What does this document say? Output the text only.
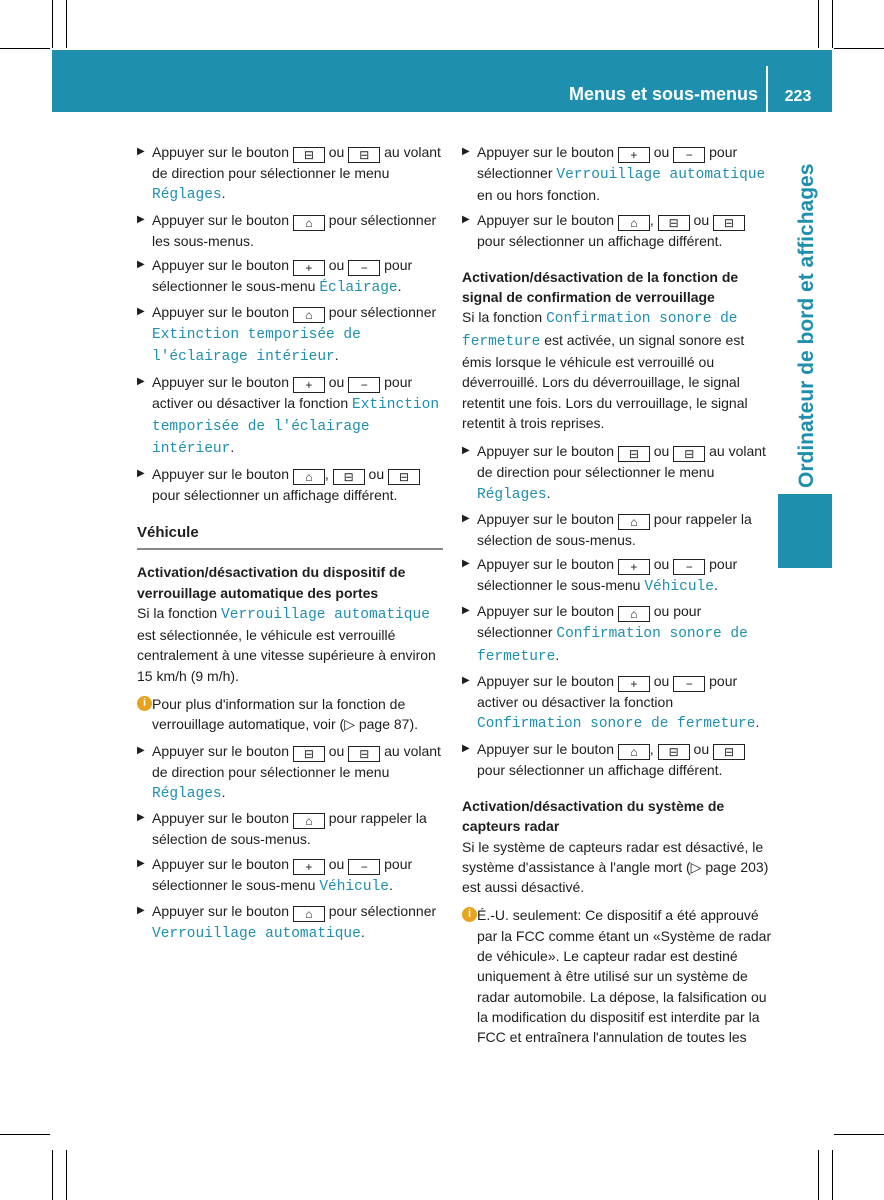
Menus et sous-menus	223
Ordinateur de bord et affichages
▶ Appuyer sur le bouton ⊟ ou ⊟ au volant de direction pour sélectionner le menu Réglages.
▶ Appuyer sur le bouton ⌂ pour sélectionner les sous-menus.
▶ Appuyer sur le bouton + ou − pour sélectionner le sous-menu Éclairage.
▶ Appuyer sur le bouton ⌂ pour sélectionner Extinction temporisée de l'éclairage intérieur.
▶ Appuyer sur le bouton + ou − pour activer ou désactiver la fonction Extinction temporisée de l'éclairage intérieur.
▶ Appuyer sur le bouton ⌂ , ⊟ ou ⊟ pour sélectionner un affichage différent.
Véhicule

Activation/désactivation du dispositif de verrouillage automatique des portes

Si la fonction Verrouillage automatique est sélectionnée, le véhicule est verrouillé centralement à une vitesse supérieure à environ 15 km/h (9 m/h).

i Pour plus d'information sur la fonction de verrouillage automatique, voir (▷ page 87).
▶ Appuyer sur le bouton ⊟ ou ⊟ au volant de direction pour sélectionner le menu Réglages.
▶ Appuyer sur le bouton ⌂ pour rappeler la sélection de sous-menus.
▶ Appuyer sur le bouton + ou − pour sélectionner le sous-menu Véhicule.
▶ Appuyer sur le bouton ⌂ pour sélectionner Verrouillage automatique.
▶ Appuyer sur le bouton + ou − pour sélectionner Verrouillage automatique en ou hors fonction.
▶ Appuyer sur le bouton ⌂ , ⊟ ou ⊟ pour sélectionner un affichage différent.

Activation/désactivation de la fonction de signal de confirmation de verrouillage

Si la fonction Confirmation sonore de fermeture est activée, un signal sonore est émis lorsque le véhicule est verrouillé ou déverrouillé. Lors du déverrouillage, le signal retentit une fois. Lors du verrouillage, le signal retentit à trois reprises.

▶ Appuyer sur le bouton ⊟ ou ⊟ au volant de direction pour sélectionner le menu Réglages.
▶ Appuyer sur le bouton ⌂ pour rappeler la sélection de sous-menus.
▶ Appuyer sur le bouton + ou − pour sélectionner le sous-menu Véhicule.
▶ Appuyer sur le bouton ⌂ ou pour sélectionner Confirmation sonore de fermeture.
▶ Appuyer sur le bouton + ou − pour activer ou désactiver la fonction Confirmation sonore de fermeture.
▶ Appuyer sur le bouton ⌂ , ⊟ ou ⊟ pour sélectionner un affichage différent.

Activation/désactivation du système de capteurs radar

Si le système de capteurs radar est désactivé, le système d'assistance à l'angle mort (▷ page 203) est aussi désactivé.

i É.-U. seulement: Ce dispositif a été approuvé par la FCC comme étant un «Système de radar de véhicule». Le capteur radar est destiné uniquement à être utilisé sur un système de radar automobile. La dépose, la falsification ou la modification du dispositif est interdite par la FCC et entraînera l'annulation de toutes les
